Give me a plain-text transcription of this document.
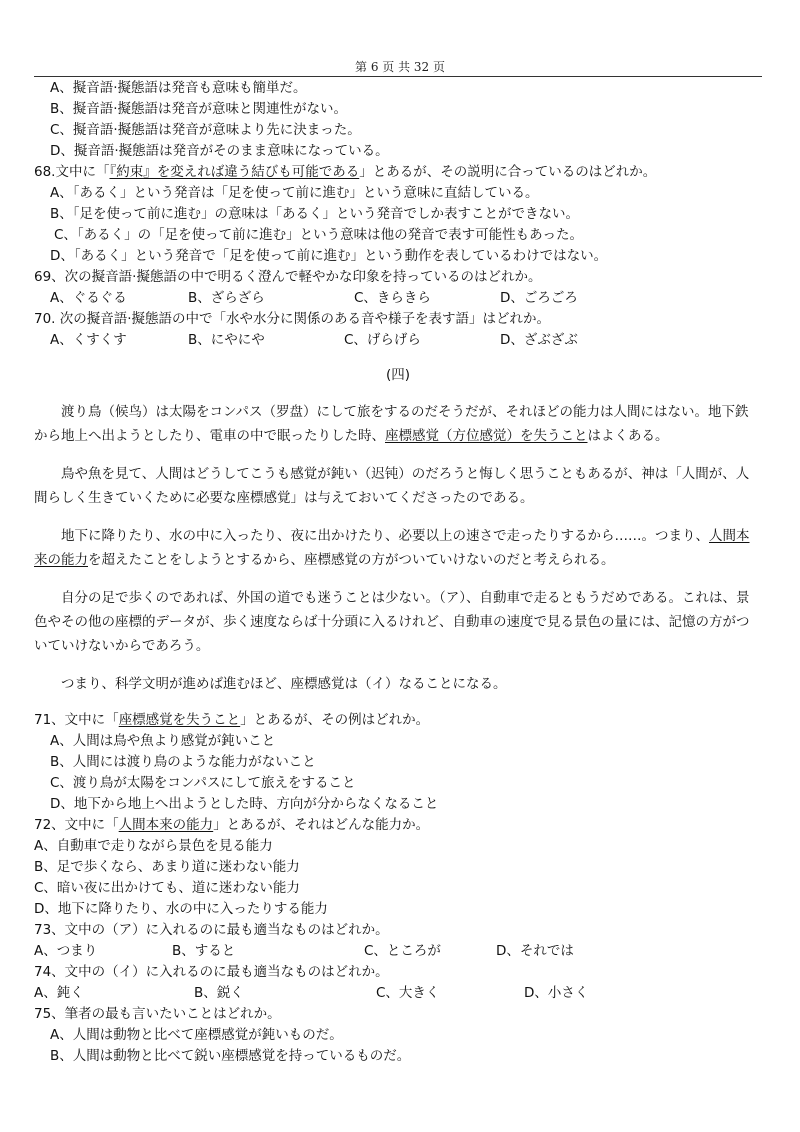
第 6 页 共 32 页
A、擬音語·擬態語は発音も意味も簡単だ。
B、擬音語·擬態語は発音が意味と関連性がない。
C、擬音語·擬態語は発音が意味より先に決まった。
D、擬音語·擬態語は発音がそのまま意味になっている。
68.文中に「『約束』を変えれば違う結びも可能である」とあるが、その説明に合っているのはどれか。
A、「あるく」という発音は「足を使って前に進む」という意味に直結している。
B、「足を使って前に進む」の意味は「あるく」という発音でしか表すことができない。
C、「あるく」の「足を使って前に進む」という意味は他の発音で表す可能性もあった。
D、「あるく」という発音で「足を使って前に進む」という動作を表しているわけではない。
69、次の擬音語·擬態語の中で明るく澄んで軽やかな印象を持っているのはどれか。
A、ぐるぐる	B、ざらざら	C、きらきら	D、ごろごろ
70. 次の擬音語·擬態語の中で「水や水分に関係のある音や様子を表す語」はどれか。
A、くすくす	B、にやにや	C、げらげら	D、ざぶざぶ
(四)
渡り鳥（候鸟）は太陽をコンパス（罗盘）にして旅をするのだそうだが、それほどの能力は人間にはない。地下鉄から地上へ出ようとしたり、電車の中で眠ったりした時、座標感覚（方位感觉）を失うことはよくある。
鳥や魚を見て、人間はどうしてこうも感覚が鈍い（迟钝）のだろうと悔しく思うこともあるが、神は「人間が、人間らしく生きていくために必要な座標感覚」は与えておいてくださったのである。
地下に降りたり、水の中に入ったり、夜に出かけたり、必要以上の速さで走ったりするから……。つまり、人間本来の能力を超えたことをしようとするから、座標感覚の方がついていけないのだと考えられる。
自分の足で歩くのであれば、外国の道でも迷うことは少ない。（ア）、自動車で走るともうだめである。これは、景色やその他の座標的データが、歩く速度ならば十分頭に入るけれど、自動車の速度で見る景色の量には、記憶の方がついていけないからであろう。
つまり、科学文明が進めば進むほど、座標感覚は（イ）なることになる。
71、文中に「座標感覚を失うこと」とあるが、その例はどれか。
A、人間は鳥や魚より感覚が鈍いこと
B、人間には渡り鳥のような能力がないこと
C、渡り鳥が太陽をコンパスにして旅えをすること
D、地下から地上へ出ようとした時、方向が分からなくなること
72、文中に「人間本来の能力」とあるが、それはどんな能力か。
A、自動車で走りながら景色を見る能力
B、足で歩くなら、あまり道に迷わない能力
C、暗い夜に出かけても、道に迷わない能力
D、地下に降りたり、水の中に入ったりする能力
73、文中の（ア）に入れるのに最も適当なものはどれか。
A、つまり	B、すると	C、ところが	D、それでは
74、文中の（イ）に入れるのに最も適当なものはどれか。
A、鈍く	B、鋭く	C、大きく	D、小さく
75、筆者の最も言いたいことはどれか。
A、人間は動物と比べて座標感覚が鈍いものだ。
B、人間は動物と比べて鋭い座標感覚を持っているものだ。
